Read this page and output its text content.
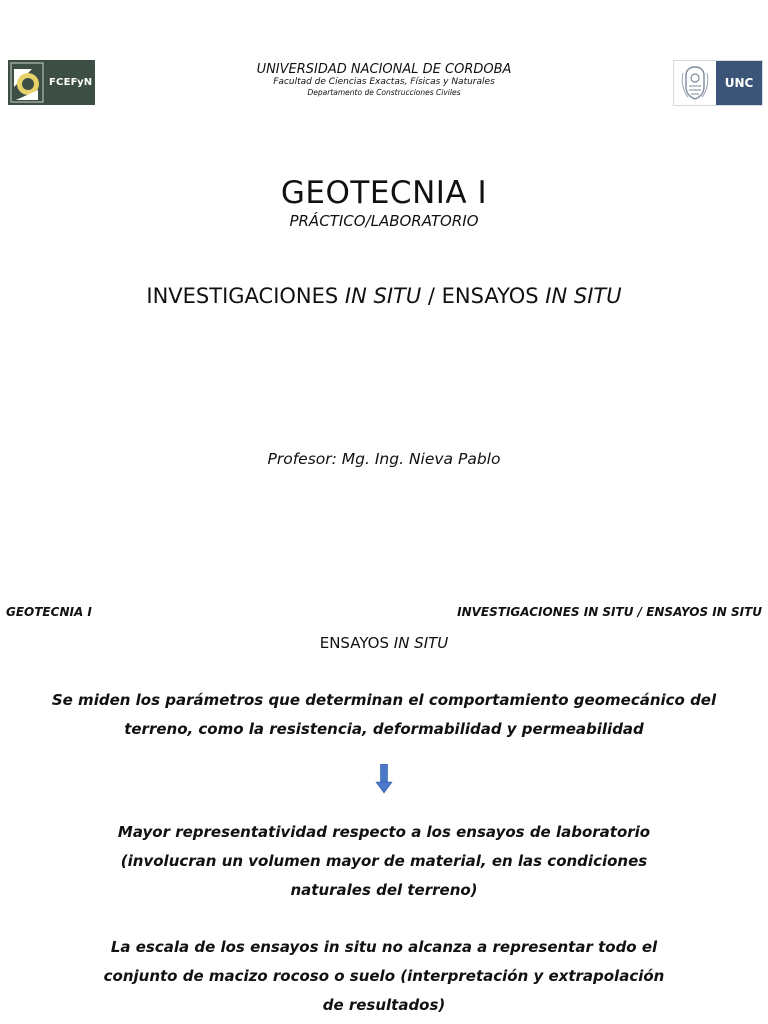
FCEFyN
UNIVERSIDAD NACIONAL DE CORDOBA
Facultad de Ciencias Exactas, Físicas y Naturales
Departamento de Construcciones Civiles
UNC
GEOTECNIA I
PRÁCTICO/LABORATORIO
INVESTIGACIONES IN SITU / ENSAYOS IN SITU
Profesor: Mg. Ing. Nieva Pablo
GEOTECNIA I	INVESTIGACIONES IN SITU / ENSAYOS IN SITU
ENSAYOS IN SITU
Se miden los parámetros que determinan el comportamiento geomecánico del terreno, como la resistencia, deformabilidad y permeabilidad
Mayor representatividad respecto a los ensayos de laboratorio (involucran un volumen mayor de material, en las condiciones naturales del terreno)
La escala de los ensayos in situ no alcanza a representar todo el conjunto de macizo rocoso o suelo (interpretación y extrapolación de resultados)
